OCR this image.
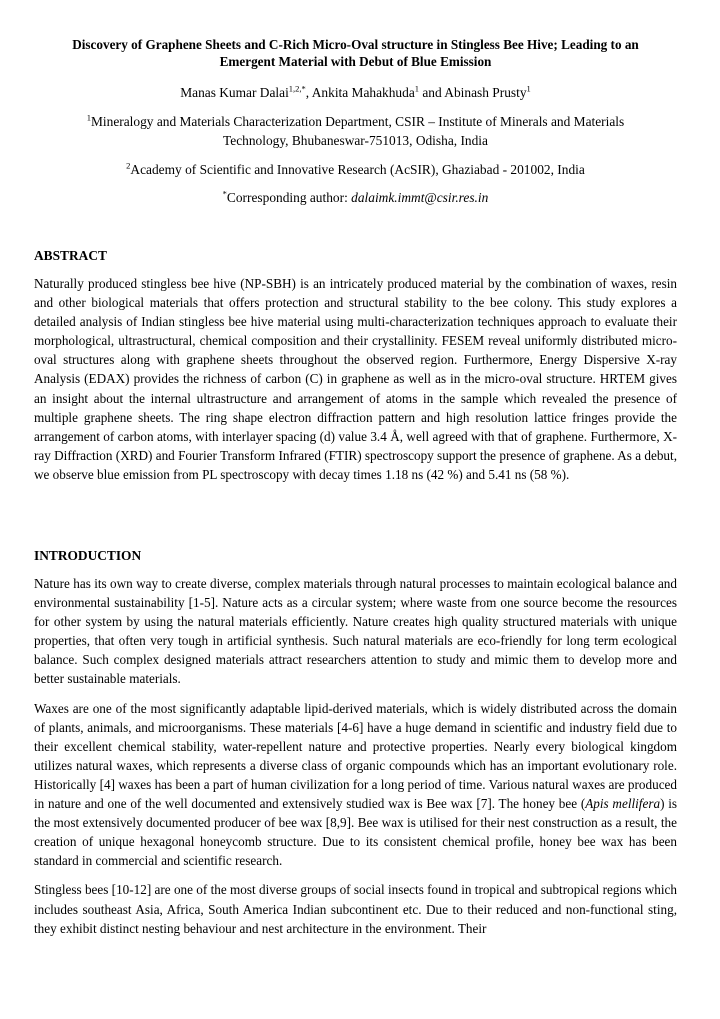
Discovery of Graphene Sheets and C-Rich Micro-Oval structure in Stingless Bee Hive; Leading to an
Emergent Material with Debut of Blue Emission
Manas Kumar Dalai$^{1,2,*}$, Ankita Mahakhuda$^1$ and Abinash Prusty$^1$
$^1$Mineralogy and Materials Characterization Department, CSIR – Institute of Minerals and Materials
Technology, Bhubaneswar-751013, Odisha, India
$^2$Academy of Scientific and Innovative Research (AcSIR), Ghaziabad - 201002, India
*Corresponding author: dalaimk.immt@csir.res.in
ABSTRACT

Naturally produced stingless bee hive (NP-SBH) is an intricately produced material by the combination of waxes, resin and other biological materials that offers protection and structural stability to the bee colony. This study explores a detailed analysis of Indian stingless bee hive material using multi-characterization techniques approach to evaluate their morphological, ultrastructural, chemical composition and their crystallinity. FESEM reveal uniformly distributed micro-oval structures along with graphene sheets throughout the observed region. Furthermore, Energy Dispersive X-ray Analysis (EDAX) provides the richness of carbon (C) in graphene as well as in the micro-oval structure. HRTEM gives an insight about the internal ultrastructure and arrangement of atoms in the sample which revealed the presence of multiple graphene sheets. The ring shape electron diffraction pattern and high resolution lattice fringes provide the arrangement of carbon atoms, with interlayer spacing (d) value 3.4 Å, well agreed with that of graphene. Furthermore, X-ray Diffraction (XRD) and Fourier Transform Infrared (FTIR) spectroscopy support the presence of graphene. As a debut, we observe blue emission from PL spectroscopy with decay times 1.18 ns (42 %) and 5.41 ns (58 %).

INTRODUCTION

Nature has its own way to create diverse, complex materials through natural processes to maintain ecological balance and environmental sustainability [1-5]. Nature acts as a circular system; where waste from one source become the resources for other system by using the natural materials efficiently. Nature creates high quality structured materials with unique properties, that often very tough in artificial synthesis. Such natural materials are eco-friendly for long term ecological balance. Such complex designed materials attract researchers attention to study and mimic them to develop more and better sustainable materials.

Waxes are one of the most significantly adaptable lipid-derived materials, which is widely distributed across the domain of plants, animals, and microorganisms. These materials [4-6] have a huge demand in scientific and industry field due to their excellent chemical stability, water-repellent nature and protective properties. Nearly every biological kingdom utilizes natural waxes, which represents a diverse class of organic compounds which has an important evolutionary role. Historically [4] waxes has been a part of human civilization for a long period of time. Various natural waxes are produced in nature and one of the well documented and extensively studied wax is Bee wax [7]. The honey bee (Apis mellifera) is the most extensively documented producer of bee wax [8,9]. Bee wax is utilised for their nest construction as a result, the creation of unique hexagonal honeycomb structure. Due to its consistent chemical profile, honey bee wax has been standard in commercial and scientific research.

Stingless bees [10-12] are one of the most diverse groups of social insects found in tropical and subtropical regions which includes southeast Asia, Africa, South America Indian subcontinent etc. Due to their reduced and non-functional sting, they exhibit distinct nesting behaviour and nest architecture in the environment. Their
